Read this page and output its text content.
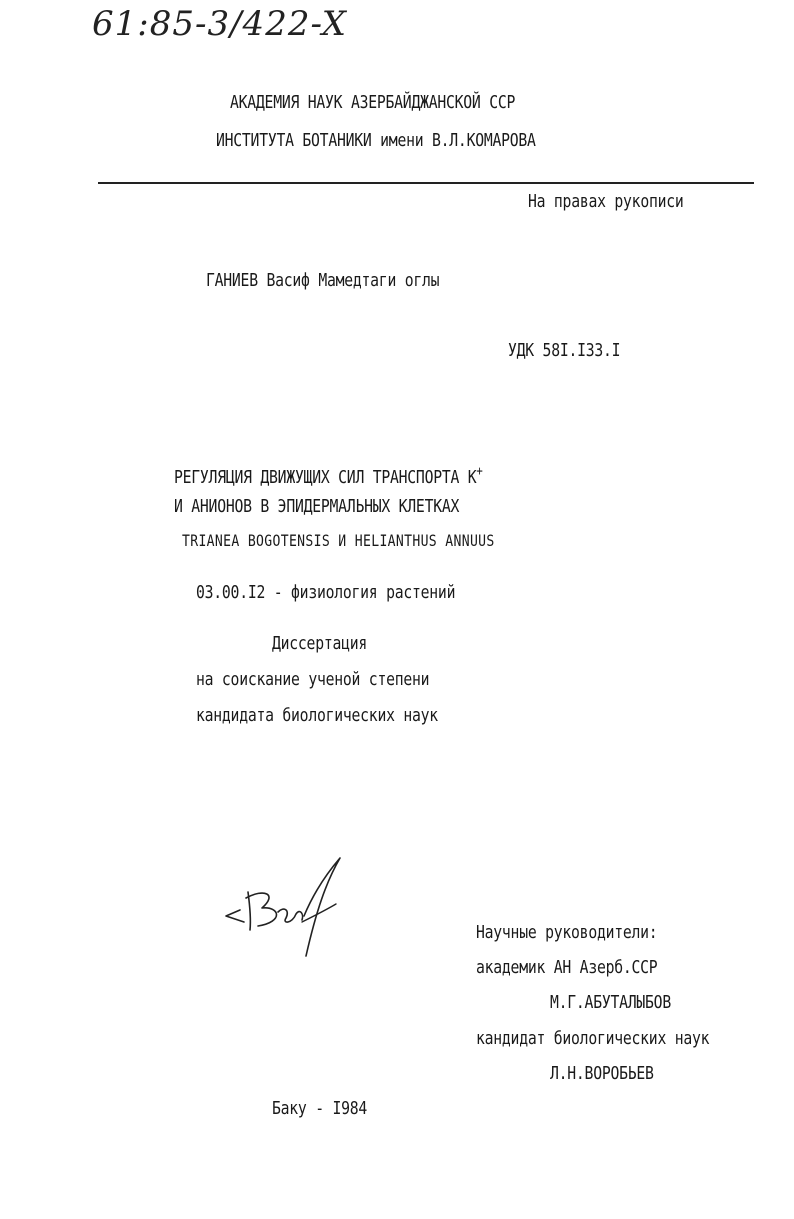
61:85-3/422-X
АКАДЕМИЯ НАУК АЗЕРБАЙДЖАНСКОЙ ССР
ИНСТИТУТА БОТАНИКИ имени В.Л.КОМАРОВА
На правах рукописи
ГАНИЕВ Васиф Мамедтаги оглы
УДК 58I.I33.I
РЕГУЛЯЦИЯ ДВИЖУЩИХ СИЛ ТРАНСПОРТА К+
И АНИОНОВ В ЭПИДЕРМАЛЬНЫХ КЛЕТКАХ
TRIANEA BOGOTENSIS И HELIANTHUS ANNUUS
03.00.I2 - физиология растений
Диссертация
на соискание ученой степени
кандидата биологических наук
Научные руководители:
академик АН Азерб.ССР
М.Г.АБУТАЛЫБОВ
кандидат биологических наук
Л.Н.ВОРОБЬЕВ
Баку - I984
